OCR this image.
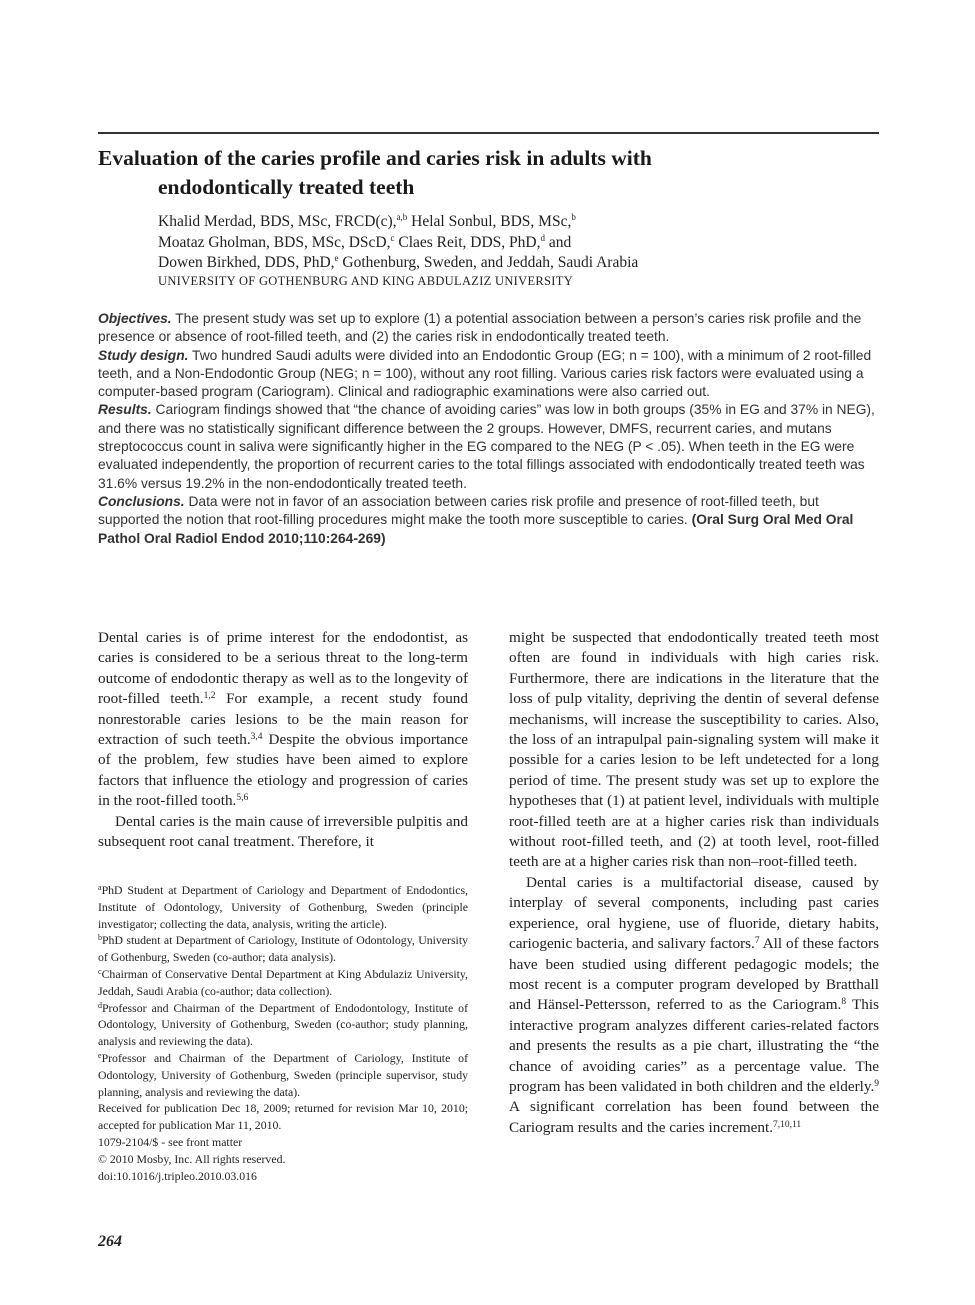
Evaluation of the caries profile and caries risk in adults with
endodontically treated teeth
Khalid Merdad, BDS, MSc, FRCD(c),$^{a,b}$ Helal Sonbul, BDS, MSc,$^b$
Moataz Gholman, BDS, MSc, DScD,$^c$ Claes Reit, DDS, PhD,$^d$ and
Dowen Birkhed, DDS, PhD,$^e$ Gothenburg, Sweden, and Jeddah, Saudi Arabia
UNIVERSITY OF GOTHENBURG AND KING ABDULAZIZ UNIVERSITY

Objectives. The present study was set up to explore (1) a potential association between a person’s caries risk profile and the presence or absence of root-filled teeth, and (2) the caries risk in endodontically treated teeth.

Study design. Two hundred Saudi adults were divided into an Endodontic Group (EG; n = 100), with a minimum of 2 root-filled teeth, and a Non-Endodontic Group (NEG; n = 100), without any root filling. Various caries risk factors were evaluated using a computer-based program (Cariogram). Clinical and radiographic examinations were also carried out.

Results. Cariogram findings showed that “the chance of avoiding caries” was low in both groups (35% in EG and 37% in NEG), and there was no statistically significant difference between the 2 groups. However, DMFS, recurrent caries, and mutans streptococcus count in saliva were significantly higher in the EG compared to the NEG (P < .05). When teeth in the EG were evaluated independently, the proportion of recurrent caries to the total fillings associated with endodontically treated teeth was 31.6% versus 19.2% in the non-endodontically treated teeth.

Conclusions. Data were not in favor of an association between caries risk profile and presence of root-filled teeth, but supported the notion that root-filling procedures might make the tooth more susceptible to caries. (Oral Surg Oral Med Oral Pathol Oral Radiol Endod 2010;110:264-269)

Dental caries is of prime interest for the endodontist, as caries is considered to be a serious threat to the long-term outcome of endodontic therapy as well as to the longevity of root-filled teeth.$^{1,2}$ For example, a recent study found nonrestorable caries lesions to be the main reason for extraction of such teeth.$^{3,4}$ Despite the obvious importance of the problem, few studies have been aimed to explore factors that influence the etiology and progression of caries in the root-filled tooth.$^{5,6}$

Dental caries is the main cause of irreversible pulpitis and subsequent root canal treatment. Therefore, it

$^a$PhD Student at Department of Cariology and Department of Endodontics, Institute of Odontology, University of Gothenburg, Sweden (principle investigator; collecting the data, analysis, writing the article).

$^b$PhD student at Department of Cariology, Institute of Odontology, University of Gothenburg, Sweden (co-author; data analysis).

$^c$Chairman of Conservative Dental Department at King Abdulaziz University, Jeddah, Saudi Arabia (co-author; data collection).

$^d$Professor and Chairman of the Department of Endodontology, Institute of Odontology, University of Gothenburg, Sweden (co-author; study planning, analysis and reviewing the data).

$^e$Professor and Chairman of the Department of Cariology, Institute of Odontology, University of Gothenburg, Sweden (principle supervisor, study planning, analysis and reviewing the data).

Received for publication Dec 18, 2009; returned for revision Mar 10, 2010; accepted for publication Mar 11, 2010.

1079-2104/$ - see front matter

© 2010 Mosby, Inc. All rights reserved.

doi:10.1016/j.tripleo.2010.03.016

might be suspected that endodontically treated teeth most often are found in individuals with high caries risk. Furthermore, there are indications in the literature that the loss of pulp vitality, depriving the dentin of several defense mechanisms, will increase the susceptibility to caries. Also, the loss of an intrapulpal pain-signaling system will make it possible for a caries lesion to be left undetected for a long period of time. The present study was set up to explore the hypotheses that (1) at patient level, individuals with multiple root-filled teeth are at a higher caries risk than individuals without root-filled teeth, and (2) at tooth level, root-filled teeth are at a higher caries risk than non–root-filled teeth.

Dental caries is a multifactorial disease, caused by interplay of several components, including past caries experience, oral hygiene, use of fluoride, dietary habits, cariogenic bacteria, and salivary factors.$^7$ All of these factors have been studied using different pedagogic models; the most recent is a computer program developed by Bratthall and Hänsel-Pettersson, referred to as the Cariogram.$^8$ This interactive program analyzes different caries-related factors and presents the results as a pie chart, illustrating the “the chance of avoiding caries” as a percentage value. The program has been validated in both children and the elderly.$^9$ A significant correlation has been found between the Cariogram results and the caries increment.$^{7,10,11}$

264
